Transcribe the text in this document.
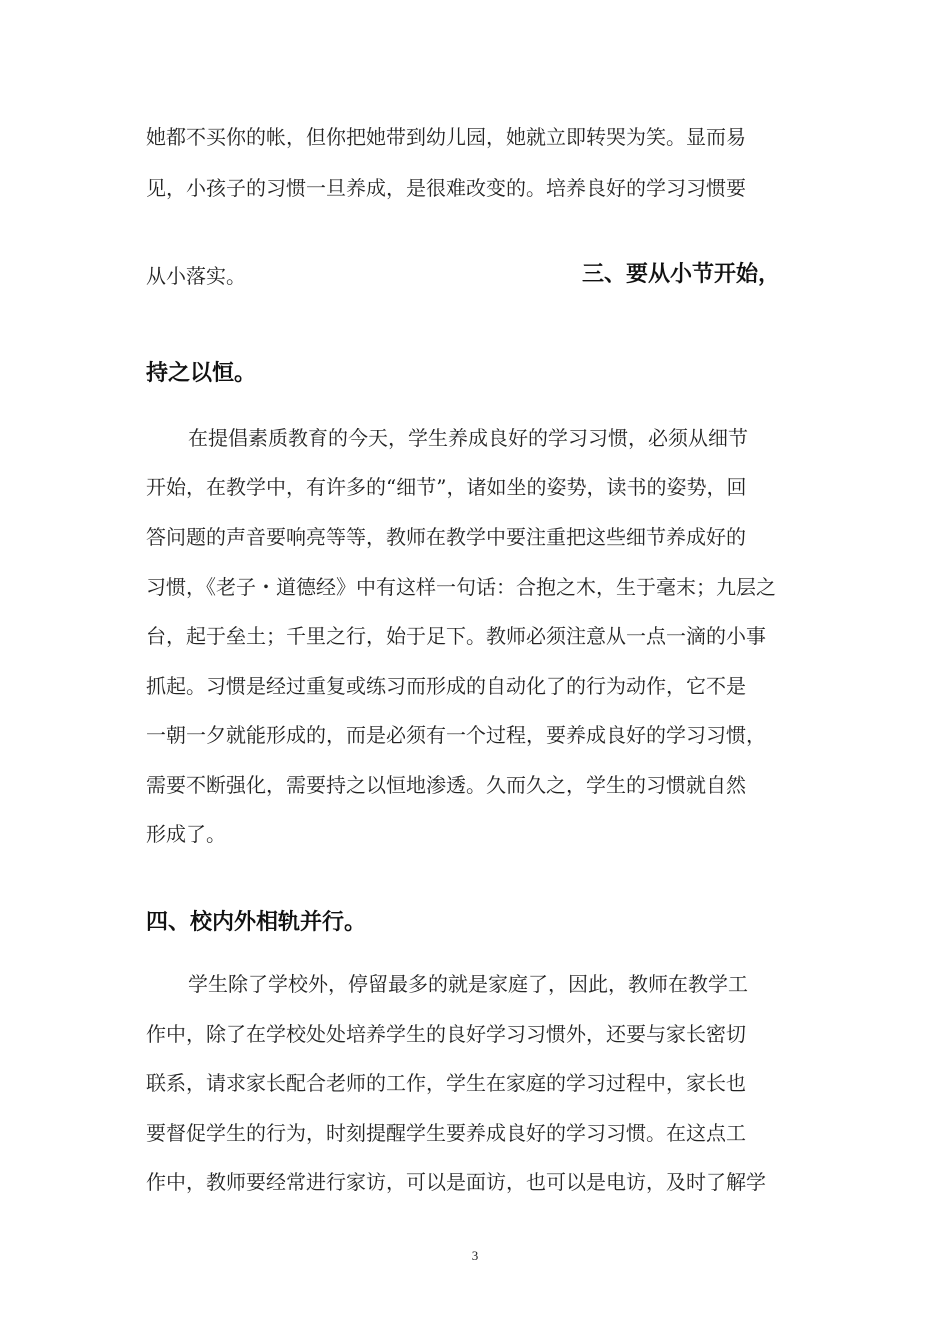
她都不买你的帐，但你把她带到幼儿园，她就立即转哭为笑。显而易
见，小孩子的习惯一旦养成，是很难改变的。培养良好的学习习惯要
从小落实。	三、要从小节开始，
持之以恒。
在提倡素质教育的今天，学生养成良好的学习习惯，必须从细节
开始，在教学中，有许多的“细节”，诸如坐的姿势，读书的姿势，回
答问题的声音要响亮等等，教师在教学中要注重把这些细节养成好的
习惯，《老子・道德经》中有这样一句话：合抱之木，生于毫末；九层之
台，起于垒土；千里之行，始于足下。教师必须注意从一点一滴的小事
抓起。习惯是经过重复或练习而形成的自动化了的行为动作，它不是
一朝一夕就能形成的，而是必须有一个过程，要养成良好的学习习惯，
需要不断强化，需要持之以恒地渗透。久而久之，学生的习惯就自然
形成了。
四、校内外相轨并行。
学生除了学校外，停留最多的就是家庭了，因此，教师在教学工
作中，除了在学校处处培养学生的良好学习习惯外，还要与家长密切
联系，请求家长配合老师的工作，学生在家庭的学习过程中，家长也
要督促学生的行为，时刻提醒学生要养成良好的学习习惯。在这点工
作中，教师要经常进行家访，可以是面访，也可以是电访，及时了解学
3
